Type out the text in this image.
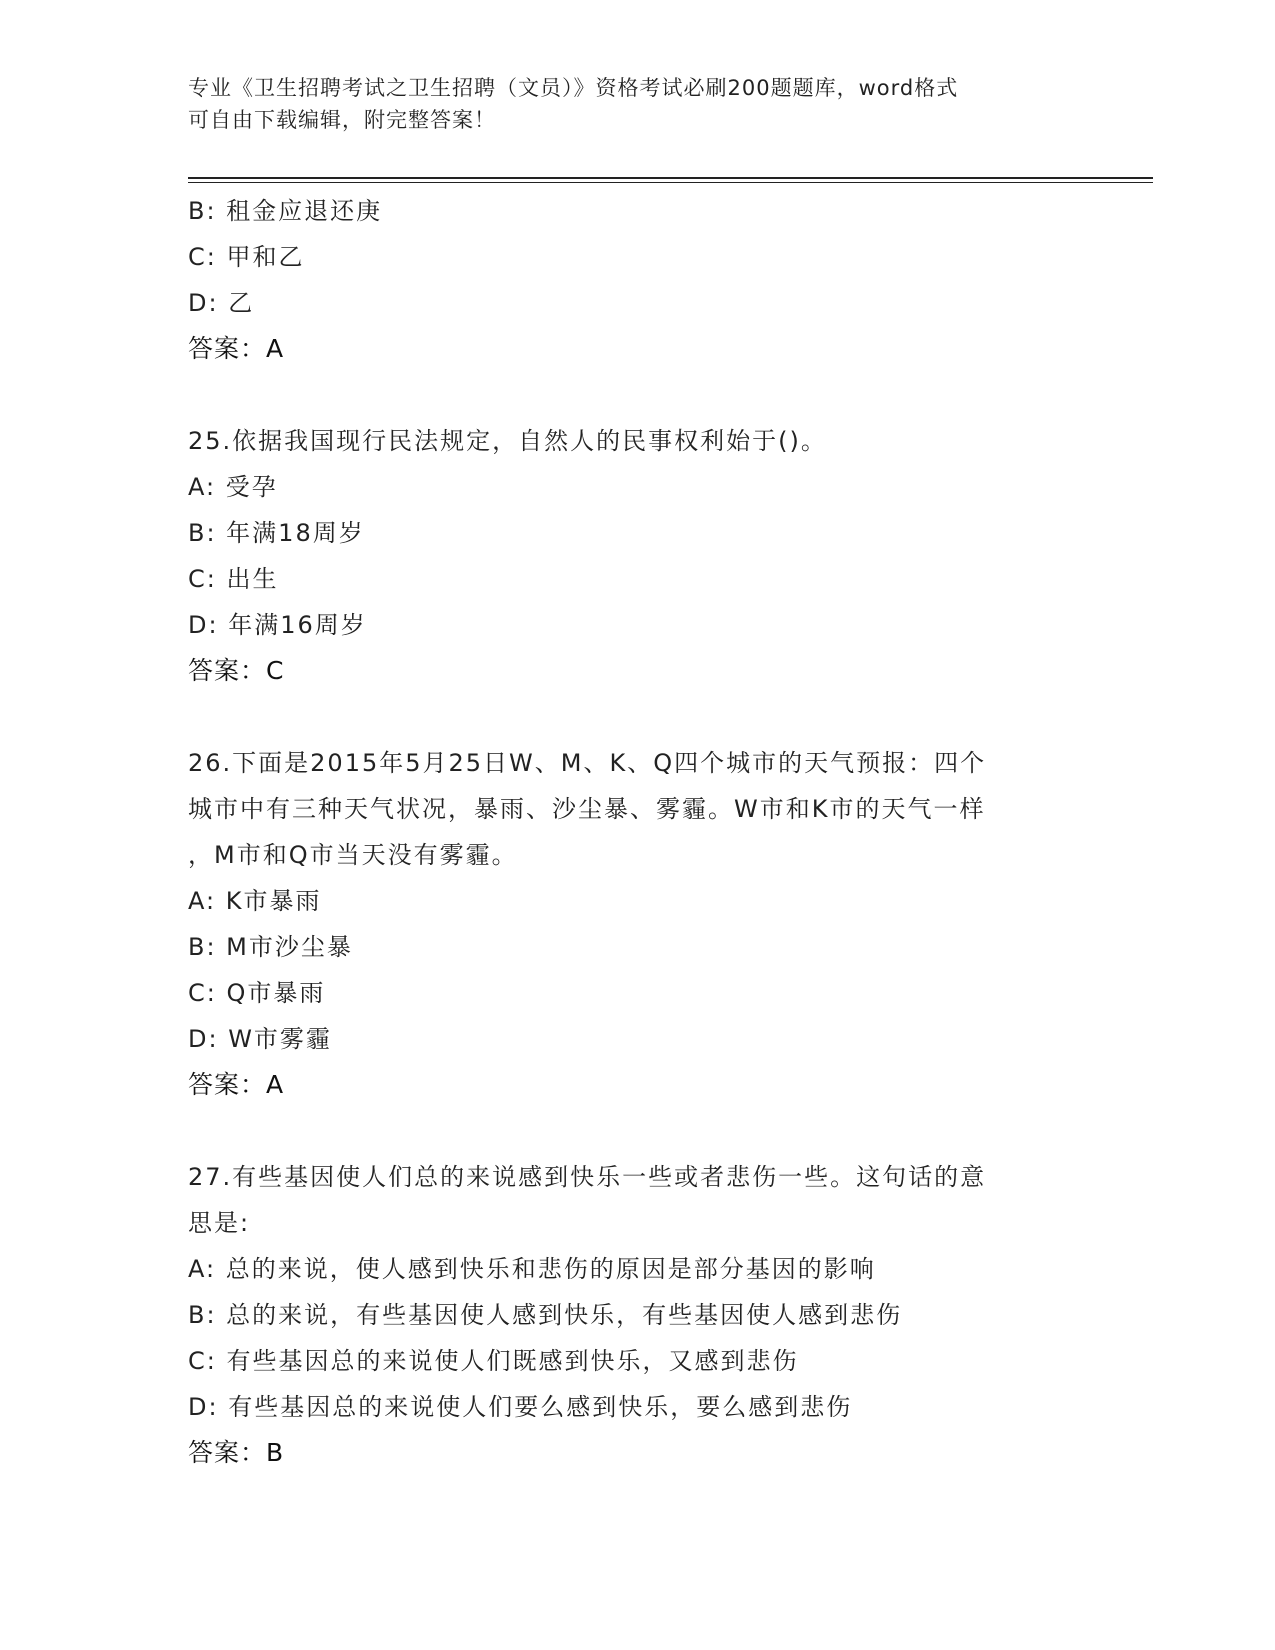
专业《卫生招聘考试之卫生招聘（文员）》资格考试必刷200题题库，word格式
可自由下载编辑，附完整答案！
B: 租金应退还庚
C: 甲和乙
D: 乙
答案：A
25.依据我国现行民法规定，自然人的民事权利始于()。
A: 受孕
B: 年满18周岁
C: 出生
D: 年满16周岁
答案：C
26.下面是2015年5月25日W、M、K、Q四个城市的天气预报：四个
城市中有三种天气状况，暴雨、沙尘暴、雾霾。W市和K市的天气一样
，M市和Q市当天没有雾霾。
A: K市暴雨
B: M市沙尘暴
C: Q市暴雨
D: W市雾霾
答案：A
27.有些基因使人们总的来说感到快乐一些或者悲伤一些。这句话的意
思是:
A: 总的来说，使人感到快乐和悲伤的原因是部分基因的影响
B: 总的来说，有些基因使人感到快乐，有些基因使人感到悲伤
C: 有些基因总的来说使人们既感到快乐，又感到悲伤
D: 有些基因总的来说使人们要么感到快乐，要么感到悲伤
答案：B
